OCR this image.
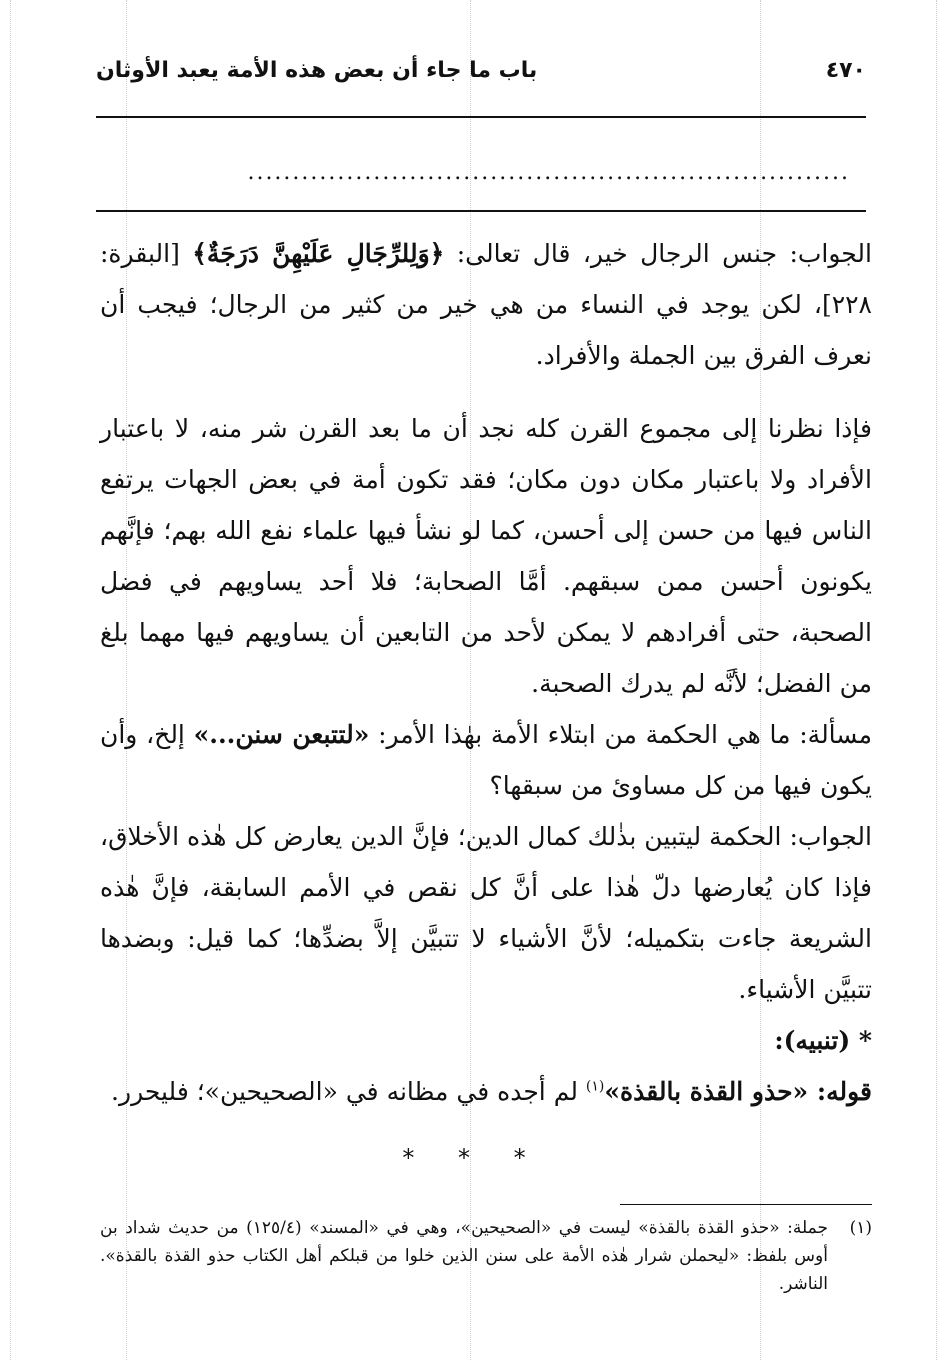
٤٧٠
باب ما جاء أن بعض هذه الأمة يعبد الأوثان
...................................................................

الجواب: جنس الرجال خير، قال تعالى: ﴿وَلِلرِّجَالِ عَلَيْهِنَّ دَرَجَةٌ﴾ [البقرة: ٢٢٨]، لكن يوجد في النساء من هي خير من كثير من الرجال؛ فيجب أن نعرف الفرق بين الجملة والأفراد.

فإذا نظرنا إلى مجموع القرن كله نجد أن ما بعد القرن شر منه، لا باعتبار الأفراد ولا باعتبار مكان دون مكان؛ فقد تكون أمة في بعض الجهات يرتفع الناس فيها من حسن إلى أحسن، كما لو نشأ فيها علماء نفع الله بهم؛ فإنَّهم يكونون أحسن ممن سبقهم. أمَّا الصحابة؛ فلا أحد يساويهم في فضل الصحبة، حتى أفرادهم لا يمكن لأحد من التابعين أن يساويهم فيها مهما بلغ من الفضل؛ لأنَّه لم يدرك الصحبة.

مسألة: ما هي الحكمة من ابتلاء الأمة بهٰذا الأمر: «لتتبعن سنن...» إلخ، وأن يكون فيها من كل مساوئ من سبقها؟

الجواب: الحكمة ليتبين بذٰلك كمال الدين؛ فإنَّ الدين يعارض كل هٰذه الأخلاق، فإذا كان يُعارضها دلّ هٰذا على أنَّ كل نقص في الأمم السابقة، فإنَّ هٰذه الشريعة جاءت بتكميله؛ لأنَّ الأشياء لا تتبيَّن إلاَّ بضدِّها؛ كما قيل: وبضدها تتبيَّن الأشياء.

* (تنبيه):

قوله: «حذو القذة بالقذة»$^{(١)}$ لم أجده في مظانه في «الصحيحين»؛ فليحرر.

* * *
(١)
جملة: «حذو القذة بالقذة» ليست في «الصحيحين»، وهي في «المسند» (١٢٥/٤) من حديث شداد بن أوس بلفظ: «ليحملن شرار هٰذه الأمة على سنن الذين خلوا من قبلكم أهل الكتاب حذو القذة بالقذة». الناشر.
